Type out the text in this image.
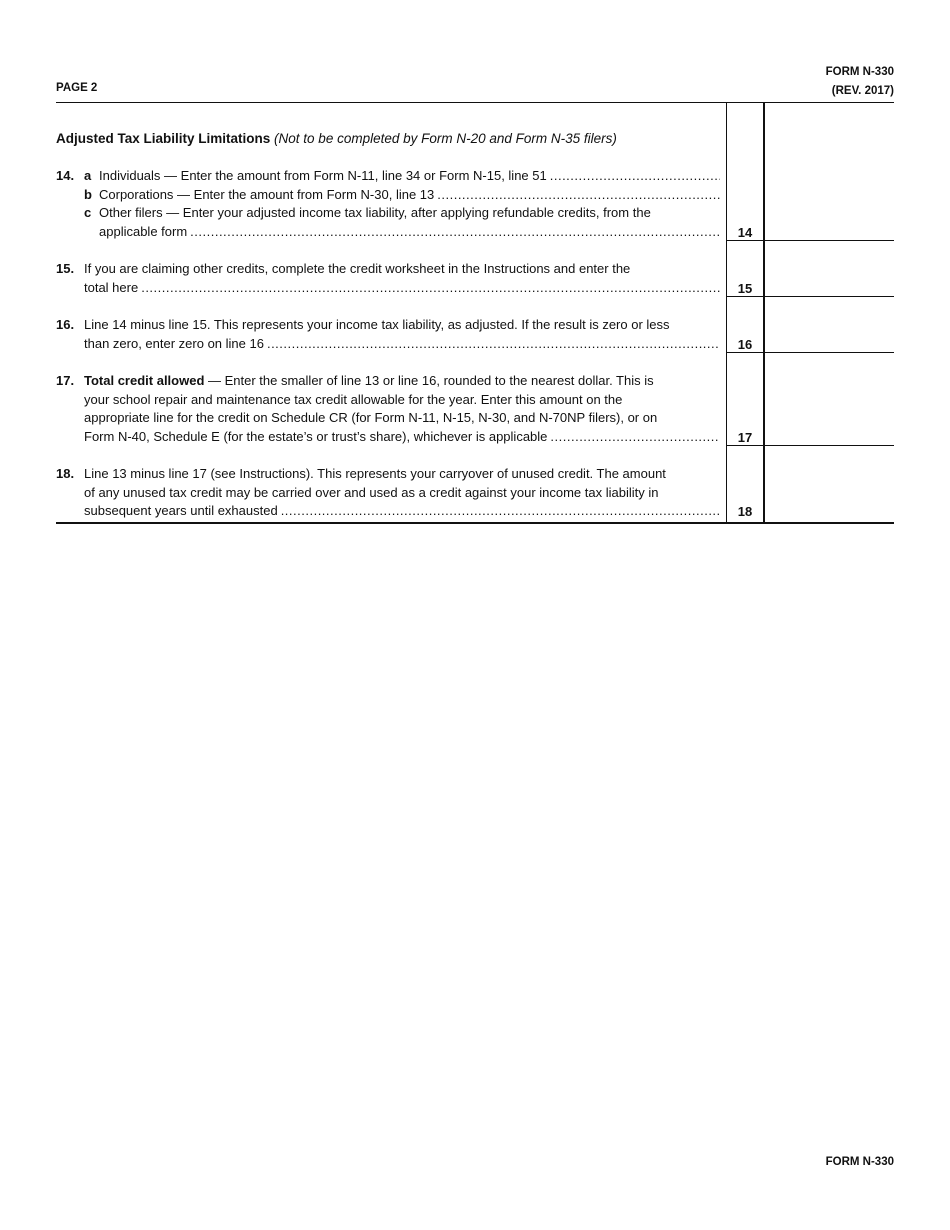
PAGE 2
FORM N-330
(REV. 2017)
Adjusted Tax Liability Limitations (Not to be completed by Form N-20 and Form N-35 filers)
14. a Individuals — Enter the amount from Form N-11, line 34 or Form N-15, line 51
.....
b Corporations — Enter the amount from Form N-30, line 13
.....
c Other filers — Enter your adjusted income tax liability, after applying refundable credits, from the
applicable form .....	14
15. If you are claiming other credits, complete the credit worksheet in the Instructions and enter the
total here .....	15
16. Line 14 minus line 15. This represents your income tax liability, as adjusted. If the result is zero or less
than zero, enter zero on line 16 .....	16
17. Total credit allowed — Enter the smaller of line 13 or line 16, rounded to the nearest dollar. This is
your school repair and maintenance tax credit allowable for the year. Enter this amount on the
appropriate line for the credit on Schedule CR (for Form N-11, N-15, N-30, and N-70NP filers), or on
Form N-40, Schedule E (for the estate’s or trust’s share), whichever is applicable .....	17
18. Line 13 minus line 17 (see Instructions). This represents your carryover of unused credit. The amount
of any unused tax credit may be carried over and used as a credit against your income tax liability in
subsequent years until exhausted .....	18
FORM N-330
